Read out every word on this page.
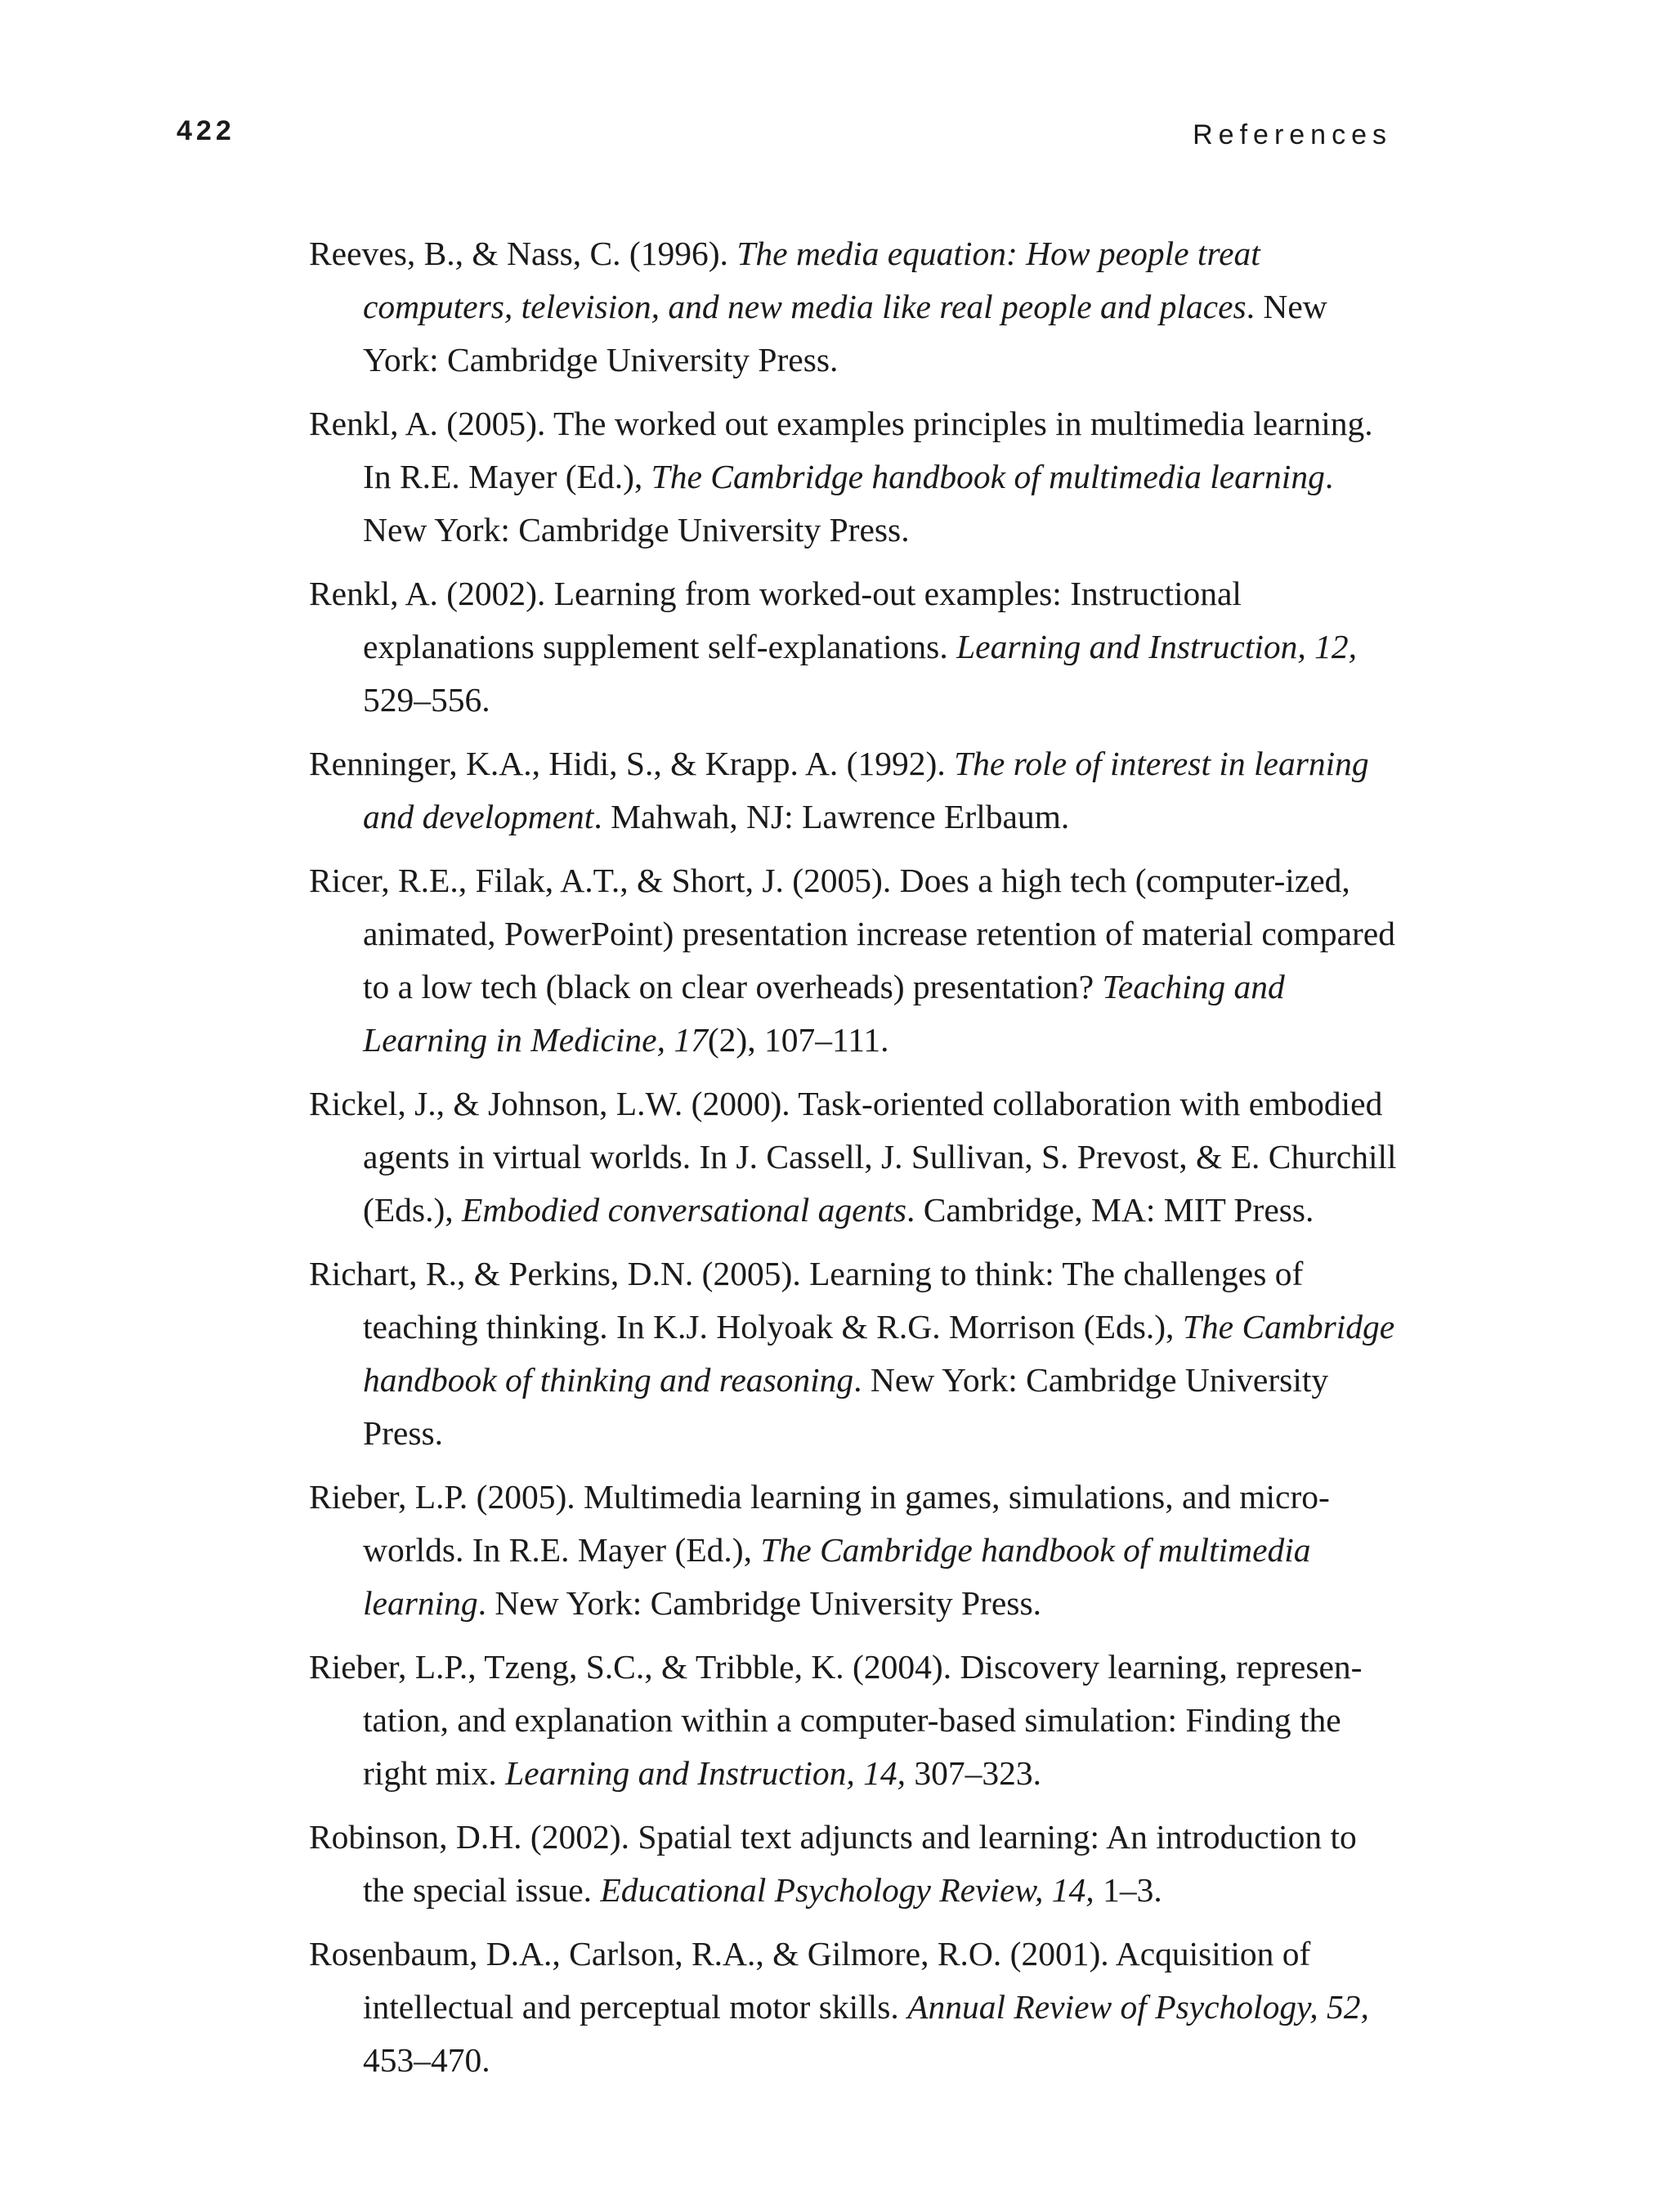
422	References

Reeves, B., & Nass, C. (1996). The media equation: How people treat computers, television, and new media like real people and places. New York: Cambridge University Press.

Renkl, A. (2005). The worked out examples principles in multimedia learning. In R.E. Mayer (Ed.), The Cambridge handbook of multimedia learning. New York: Cambridge University Press.

Renkl, A. (2002). Learning from worked-out examples: Instructional explanations supplement self-explanations. Learning and Instruction, 12, 529–556.

Renninger, K.A., Hidi, S., & Krapp. A. (1992). The role of interest in learning and development. Mahwah, NJ: Lawrence Erlbaum.

Ricer, R.E., Filak, A.T., & Short, J. (2005). Does a high tech (computer-ized, animated, PowerPoint) presentation increase retention of material compared to a low tech (black on clear overheads) presentation? Teaching and Learning in Medicine, 17(2), 107–111.

Rickel, J., & Johnson, L.W. (2000). Task-oriented collaboration with embodied agents in virtual worlds. In J. Cassell, J. Sullivan, S. Prevost, & E. Churchill (Eds.), Embodied conversational agents. Cambridge, MA: MIT Press.

Richart, R., & Perkins, D.N. (2005). Learning to think: The challenges of teaching thinking. In K.J. Holyoak & R.G. Morrison (Eds.), The Cambridge handbook of thinking and reasoning. New York: Cambridge University Press.

Rieber, L.P. (2005). Multimedia learning in games, simulations, and micro-worlds. In R.E. Mayer (Ed.), The Cambridge handbook of multimedia learning. New York: Cambridge University Press.

Rieber, L.P., Tzeng, S.C., & Tribble, K. (2004). Discovery learning, represen-tation, and explanation within a computer-based simulation: Finding the right mix. Learning and Instruction, 14, 307–323.

Robinson, D.H. (2002). Spatial text adjuncts and learning: An introduction to the special issue. Educational Psychology Review, 14, 1–3.

Rosenbaum, D.A., Carlson, R.A., & Gilmore, R.O. (2001). Acquisition of intellectual and perceptual motor skills. Annual Review of Psychology, 52, 453–470.
